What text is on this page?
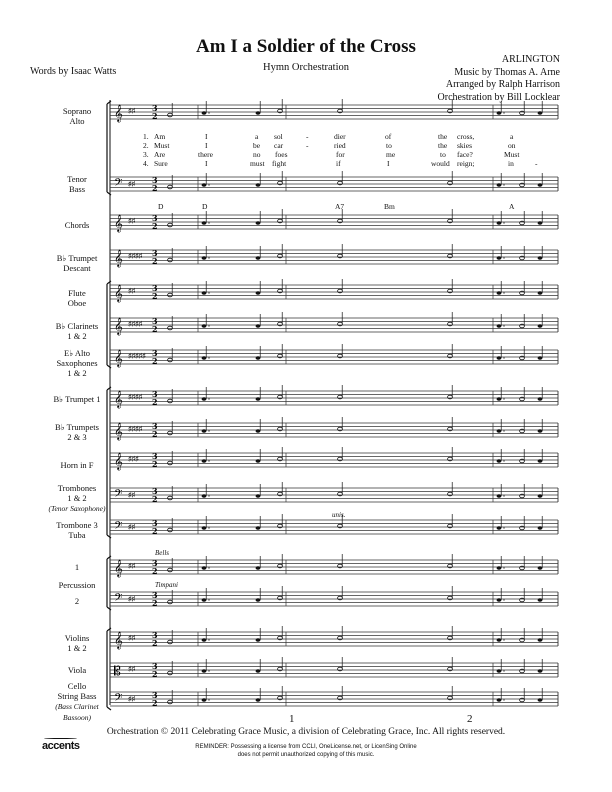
Am I a Soldier of the Cross
Hymn Orchestration
Words by Isaac Watts
ARLINGTON
Music by Thomas A. Arne
Arranged by Ralph Harrison
Orchestration by Bill Locklear
Soprano
Alto
Tenor
Bass
Chords
B♭ Trumpet
Descant
Flute
Oboe
B♭ Clarinets
1 & 2
E♭ Alto
Saxophones
1 & 2
B♭ Trumpet 1
B♭ Trumpets
2 & 3
Horn in F
Trombones
1 & 2
(Tenor Saxophone)
Trombone 3
Tuba
1
Percussion
2
Violins
1 & 2
Viola
Cello
String Bass
(Bass Clarinet
Bassoon)
3
2
𝄞 ♯♯
𝄢 ♯♯
𝄞 ♯♯
𝄞 ♯♯♯♯
𝄞 ♯♯
𝄞 ♯♯♯♯
𝄞 ♯♯♯♯♯
𝄞 ♯♯♯♯
𝄞 ♯♯♯♯
𝄞 ♯♯♯
𝄢 ♯♯
𝄢 ♯♯
𝄞 ♯♯
𝄢 ♯♯
𝄞 ♯♯
𝄡 ♯♯
𝄢 ♯♯
1.
2.
3.
4.
Am	I	a sol	-	dier	of	the cross,	a
Must	I	be car	-	ried	to	the skies	on
Are	there	no foes	for	me	to face?	Must
Sure	I	must fight	if	I	would reign;	in	-
D	D	A7	Bm	A
unis.
Bells
Timpani
1	2
Orchestration © 2011 Celebrating Grace Music, a division of Celebrating Grace, Inc. All rights reserved.
REMINDER: Possessing a license from CCLI, OneLicense.net, or LicenSing Online
does not permit unauthorized copying of this music.
accents
